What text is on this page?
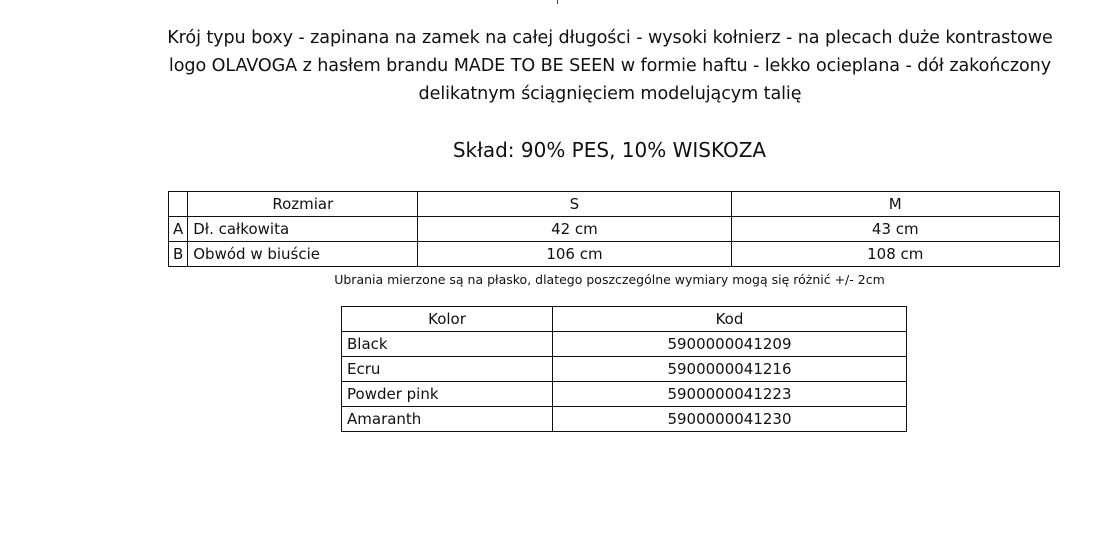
Krój typu boxy - zapinana na zamek na całej długości - wysoki kołnierz - na plecach duże kontrastowe
logo OLAVOGA z hasłem brandu MADE TO BE SEEN w formie haftu - lekko ocieplana - dół zakończony
delikatnym ściągnięciem modelującym talię
Skład: 90% PES, 10% WISKOZA
	Rozmiar	S	M
A	Dł. całkowita	42 cm	43 cm
B	Obwód w biuście	106 cm	108 cm
Ubrania mierzone są na płasko, dlatego poszczególne wymiary mogą się różnić +/- 2cm
Kolor	Kod
Black	5900000041209
Ecru	5900000041216
Powder pink	5900000041223
Amaranth	5900000041230
